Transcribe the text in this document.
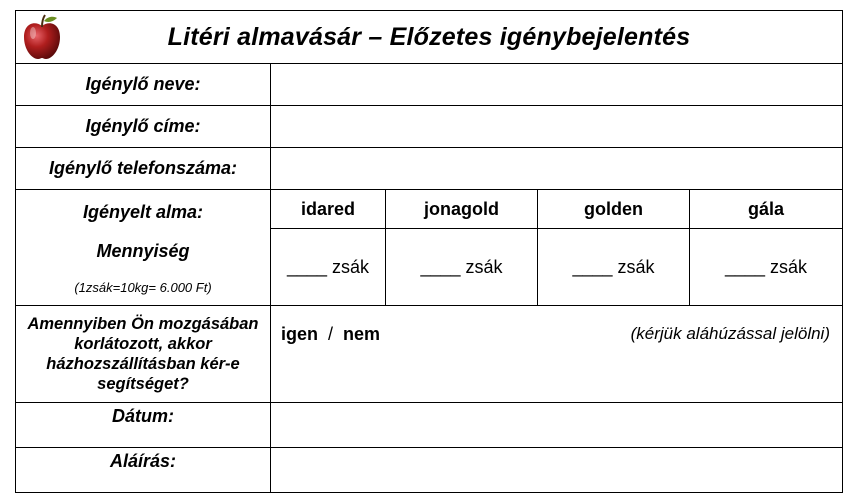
Litéri almavásár – Előzetes igénybejelentés				
Igénylő neve:				
Igénylő címe:				
Igénylő telefonszáma:				

Igényelt alma:
Mennyiség
(1zsák=10kg= 6.000 Ft)	idared	jonagold	golden	gála
	____ zsák	____ zsák	____ zsák	____ zsák
Amennyiben Ön mozgásában korlátozott, akkor házhozszállításban kér-e segítséget?	igen / nem (kérjük aláhúzással jelölni)			

Dátum:				
Aláírás:				
